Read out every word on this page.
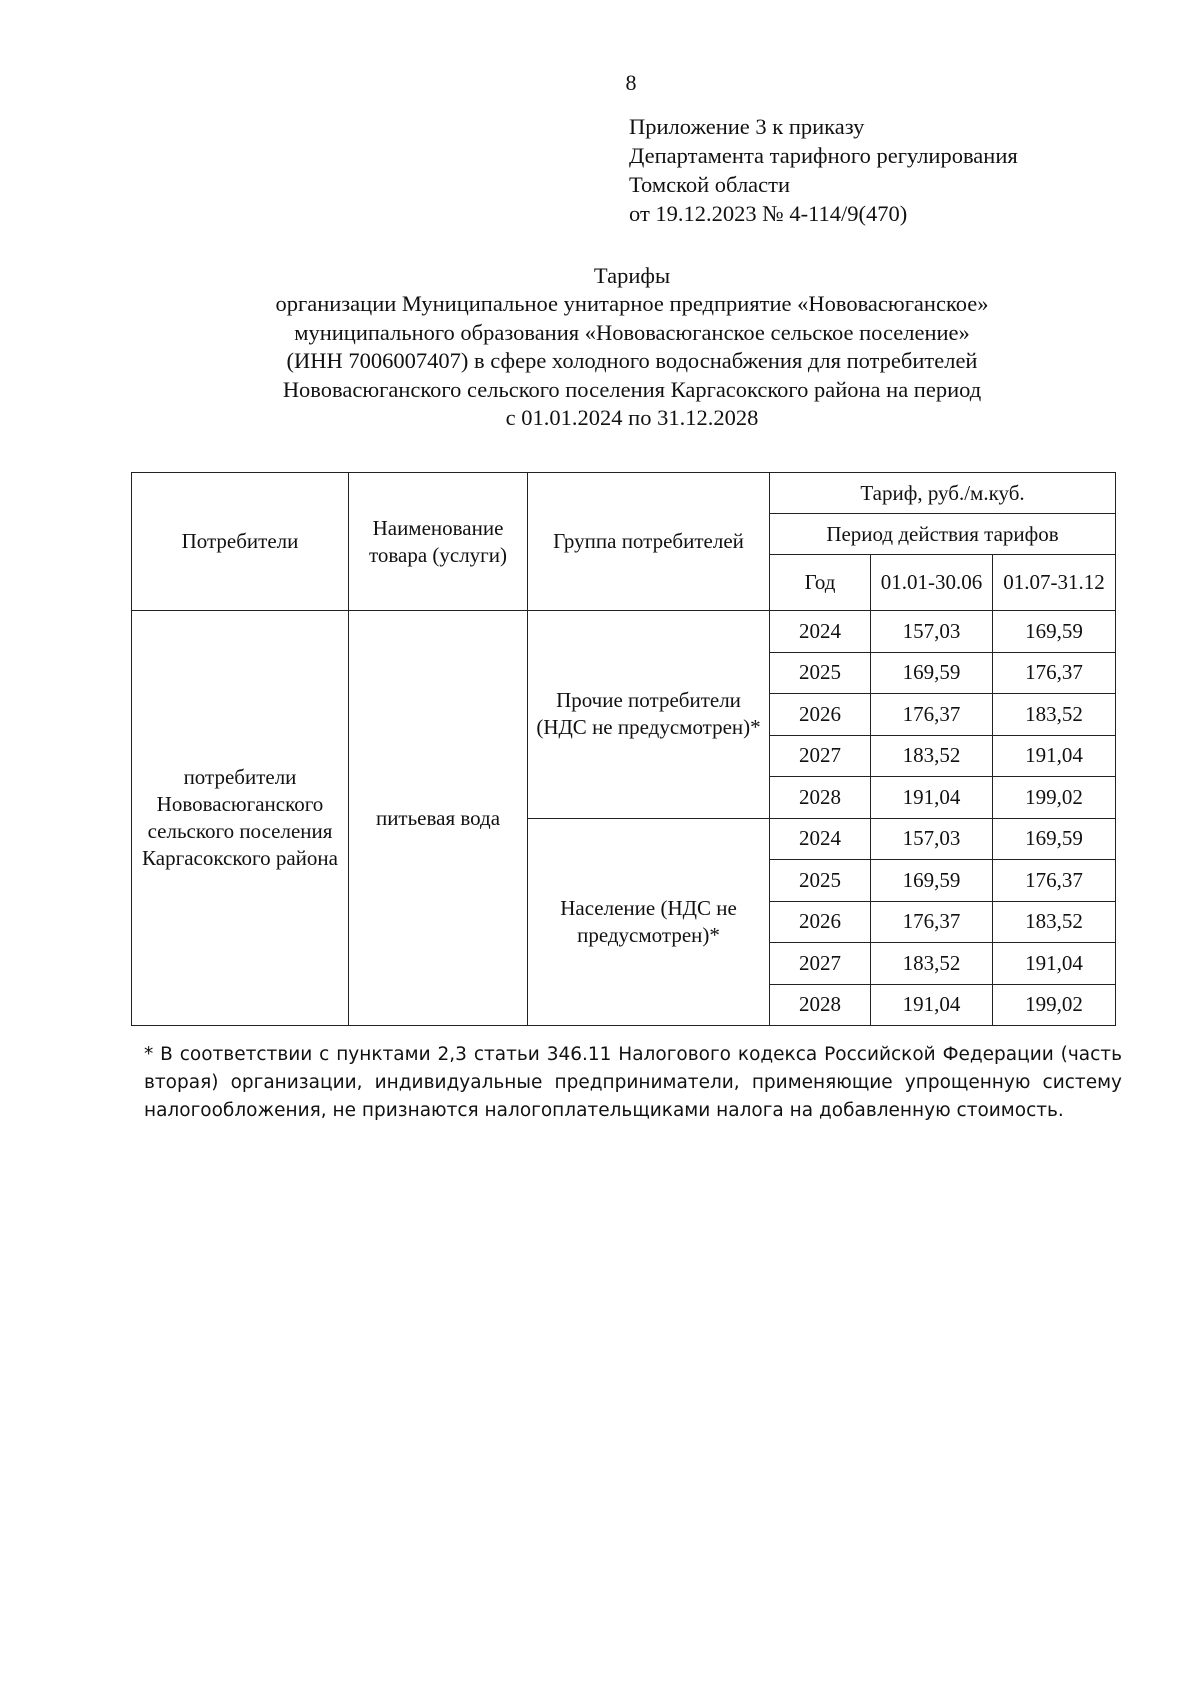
8
Приложение 3 к приказу
Департамента тарифного регулирования
Томской области
от 19.12.2023 № 4-114/9(470)
Тарифы
организации Муниципальное унитарное предприятие «Нововасюганское»
муниципального образования «Нововасюганское сельское поселение»
(ИНН 7006007407) в сфере холодного водоснабжения для потребителей
Нововасюганского сельского поселения Каргасокского района на период
с 01.01.2024 по 31.12.2028
Потребители	Наименование товара (услуги)	Группа потребителей	Тариф, руб./м.куб.		
			Период действия тарифов		
			Год	01.01-30.06	01.07-31.12
потребители Нововасюганского сельского поселения Каргасокского района	питьевая вода	Прочие потребители (НДС не предусмотрен)*	2024	157,03	169,59
			2025	169,59	176,37
			2026	176,37	183,52
			2027	183,52	191,04
			2028	191,04	199,02
		Население (НДС не предусмотрен)*	2024	157,03	169,59
			2025	169,59	176,37
			2026	176,37	183,52
			2027	183,52	191,04
			2028	191,04	199,02
* В соответствии с пунктами 2,3 статьи 346.11 Налогового кодекса Российской Федерации (часть вторая) организации, индивидуальные предприниматели, применяющие упрощенную систему налогообложения, не признаются налогоплательщиками налога на добавленную стоимость.
